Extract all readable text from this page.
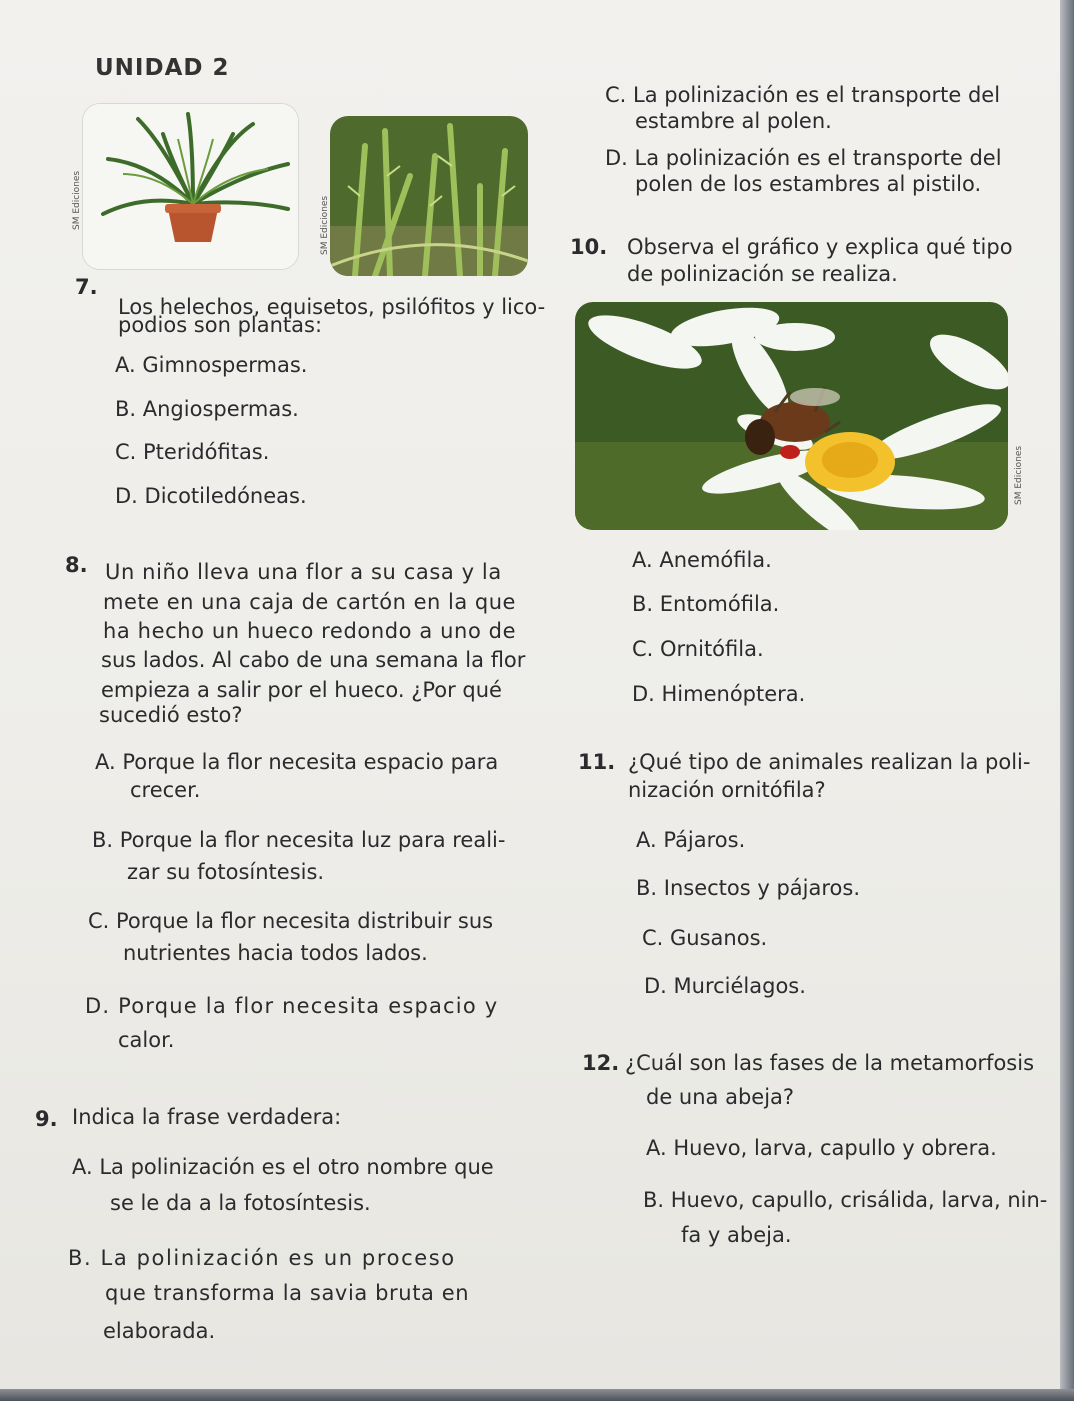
UNIDAD 2
SM Ediciones	SM Ediciones
SM Ediciones
C. La polinización es el transporte del
estambre al polen.
D. La polinización es el transporte del
polen de los estambres al pistilo.
10. Observa el gráfico y explica qué tipo
de polinización se realiza.
A. Anemófila.
B. Entomófila.
C. Ornitófila.
D. Himenóptera.
7.
Los helechos, equisetos, psilófitos y lico-
podios son plantas:
A. Gimnospermas.
B. Angiospermas.
C. Pteridófitas.
D. Dicotiledóneas.
8. Un niño lleva una flor a su casa y la
mete en una caja de cartón en la que
ha hecho un hueco redondo a uno de
sus lados. Al cabo de una semana la flor
empieza a salir por el hueco. ¿Por qué
sucedió esto?
A. Porque la flor necesita espacio para
crecer.
B. Porque la flor necesita luz para reali-
zar su fotosíntesis.
C. Porque la flor necesita distribuir sus
nutrientes hacia todos lados.
D. Porque la flor necesita espacio y
calor.
11. ¿Qué tipo de animales realizan la poli-
nización ornitófila?
A. Pájaros.
B. Insectos y pájaros.
C. Gusanos.
D. Murciélagos.
12. ¿Cuál son las fases de la metamorfosis
de una abeja?
A. Huevo, larva, capullo y obrera.
B. Huevo, capullo, crisálida, larva, nin-
fa y abeja.
9. Indica la frase verdadera:
A. La polinización es el otro nombre que
se le da a la fotosíntesis.
B. La polinización es un proceso
que transforma la savia bruta en
elaborada.
